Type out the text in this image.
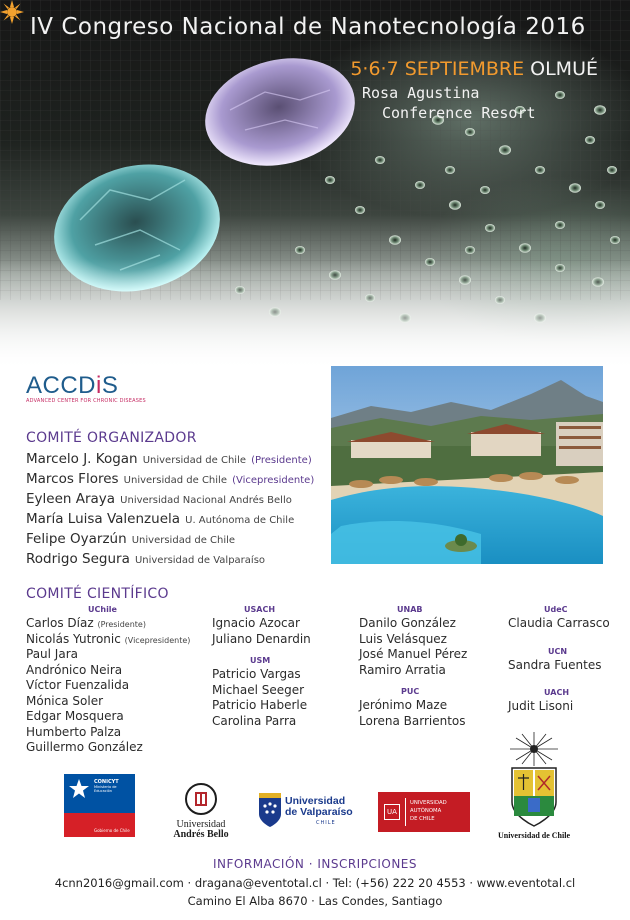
IV Congreso Nacional de Nanotecnología 2016
5·6·7 SEPTIEMBRE OLMUÉ
Rosa Agustina
Conference Resort
ACCDiS
ADVANCED CENTER FOR CHRONIC DISEASES
COMITÉ ORGANIZADOR
Marcelo J. Kogan Universidad de Chile (Presidente)
Marcos Flores Universidad de Chile (Vicepresidente)
Eyleen Araya Universidad Nacional Andrés Bello
María Luisa Valenzuela U. Autónoma de Chile
Felipe Oyarzún Universidad de Chile
Rodrigo Segura Universidad de Valparaíso
COMITÉ CIENTÍFICO
UChile
Carlos Díaz (Presidente)
Nicolás Yutronic (Vicepresidente)
Paul Jara
Andrónico Neira
Víctor Fuenzalida
Mónica Soler
Edgar Mosquera
Humberto Palza
Guillermo González
USACH
Ignacio Azocar
Juliano Denardin
USM
Patricio Vargas
Michael Seeger
Patricio Haberle
Carolina Parra
UNAB
Danilo González
Luis Velásquez
José Manuel Pérez
Ramiro Arratia
PUC
Jerónimo Maze
Lorena Barrientos
UdeC
Claudia Carrasco
UCN
Sandra Fuentes
UACH
Judit Lisoni
CONICYT
Ministerio de Educación
Gobierno de Chile
Universidad
Andrés Bello
Universidad
de Valparaíso
CHILE
UA
UNIVERSIDAD
AUTÓNOMA
DE CHILE
Universidad de Chile
INFORMACIÓN · INSCRIPCIONES
4cnn2016@gmail.com · dragana@eventotal.cl · Tel: (+56) 222 20 4553 · www.eventotal.cl
Camino El Alba 8670 · Las Condes, Santiago
